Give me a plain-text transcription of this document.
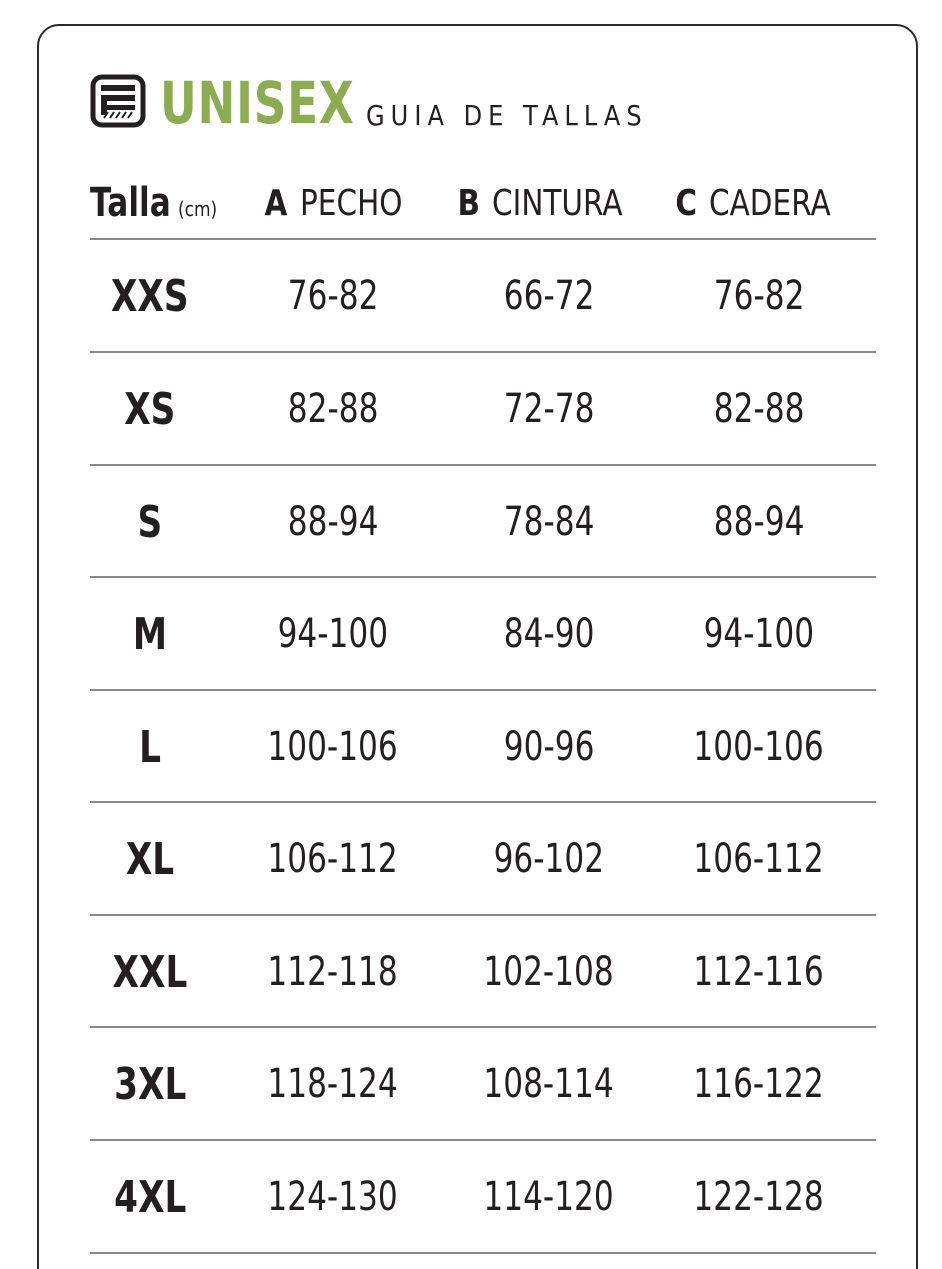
UNISEX GUIA DE TALLAS
Talla (cm) A PECHO B CINTURA C CADERA
XXS 76-82	66-72	76-82
XS	82-88	72-78	82-88
S	88-94	78-84	88-94
M	94-100	84-90	94-100
L	100-106	90-96 100-106
XL 106-112 96-102 106-112
XXL 112-118 102-108 112-116
3XL 118-124 108-114 116-122
4XL 124-130 114-120 122-128
